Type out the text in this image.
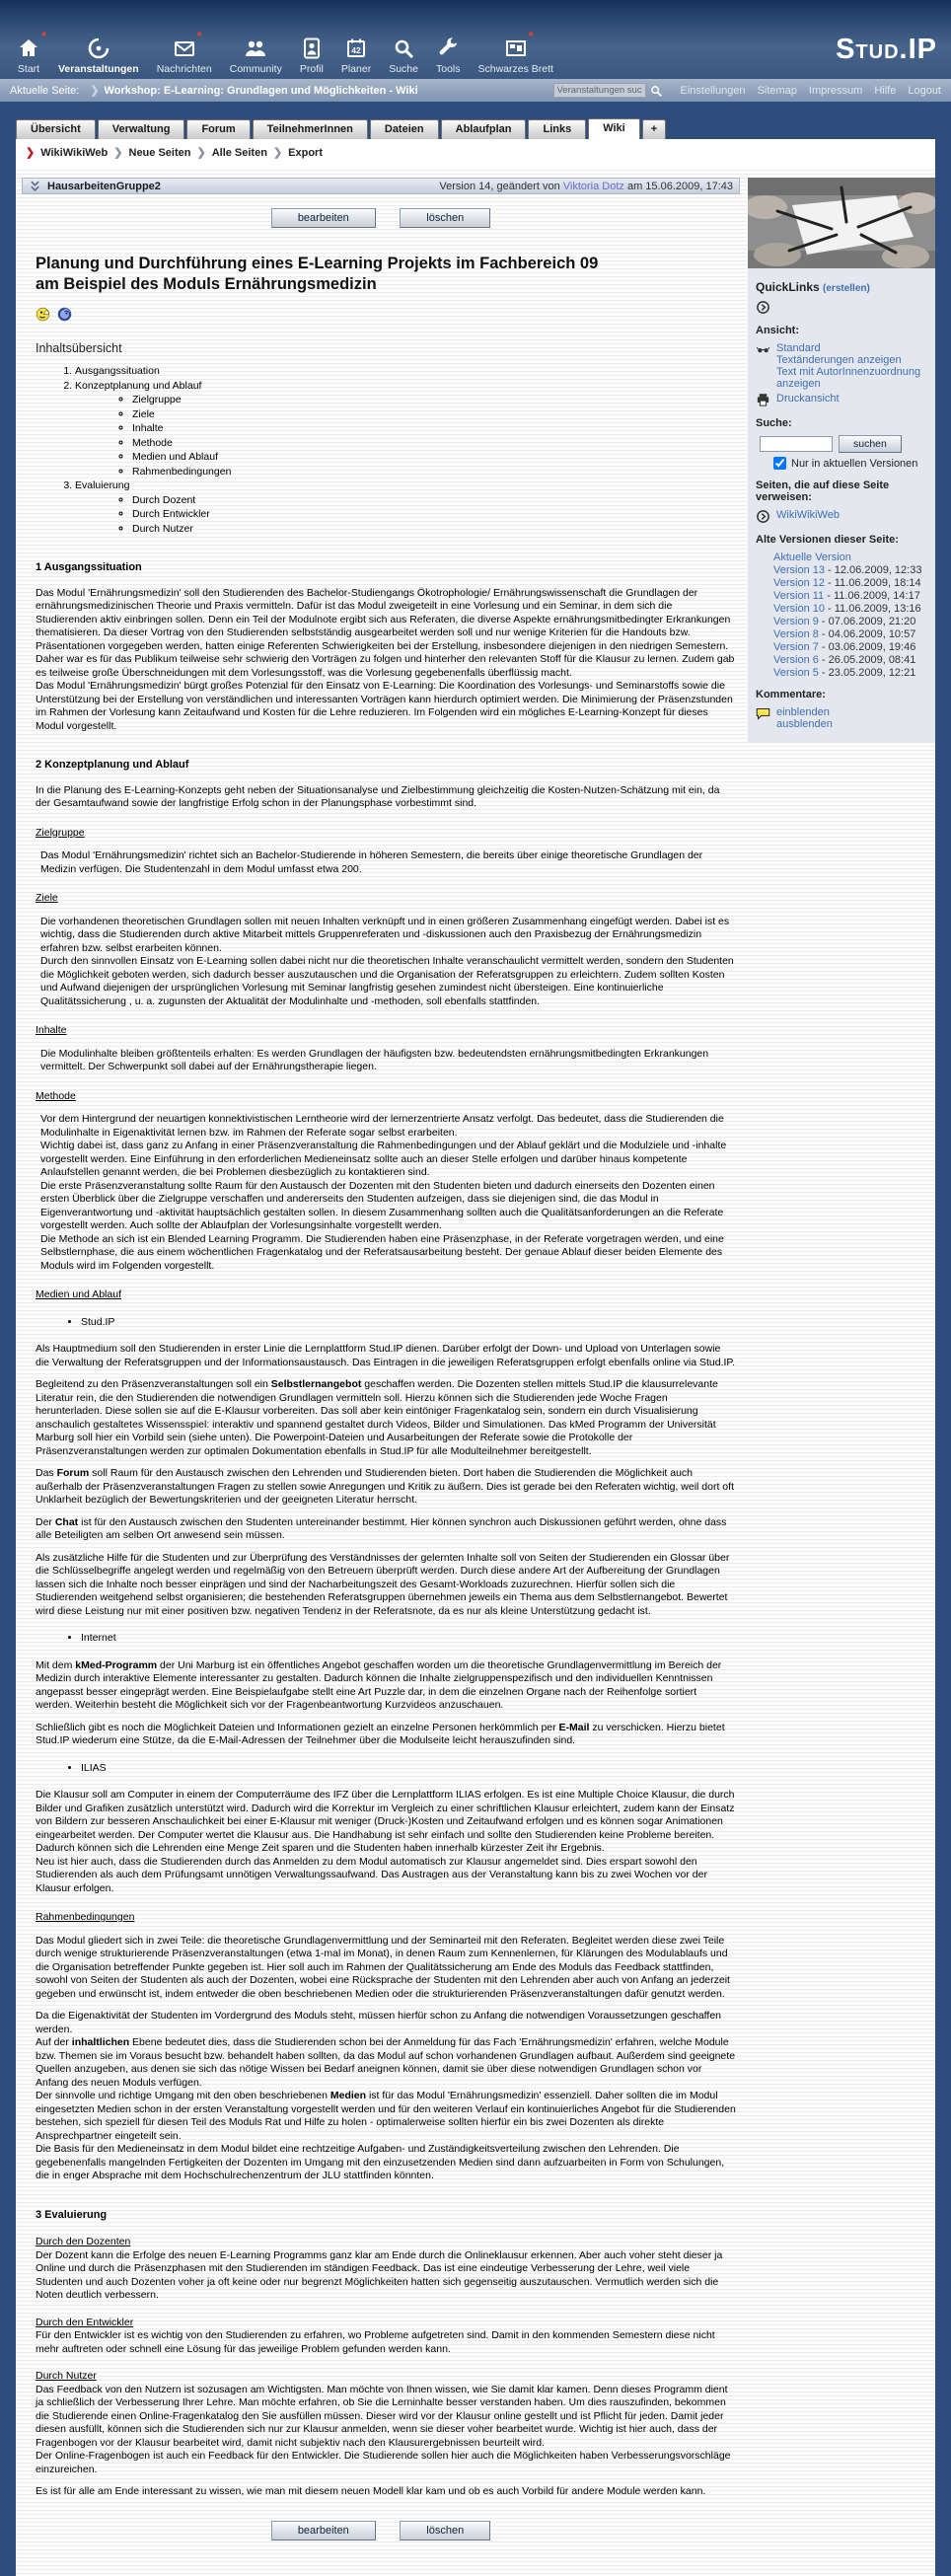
*
Start Veranstaltungen
*
Nachrichten Community Profil
42
Planer Suche Tools
*
Schwarzes Brett
Stud.IP
Aktuelle Seite: ❯ Workshop: E-Learning: Grundlagen und Möglichkeiten - Wiki
Veranstaltungen suchen	Einstellungen Sitemap Impressum Hilfe Logout
Übersicht	Verwaltung	Forum	TeilnehmerInnen	Dateien	Ablaufplan	Links	Wiki	+
❯ WikiWikiWeb ❯ Neue Seiten ❯ Alle Seiten ❯ Export
HausarbeitenGruppe2	Version 14, geändert von Viktoria Dotz am 15.06.2009, 17:43
bearbeiten	löschen
Planung und Durchführung eines E-Learning Projekts im Fachbereich 09
am Beispiel des Moduls Ernährungsmedizin

Inhaltsübersicht
1. Ausgangssituation
2. Konzeptplanung und Ablauf
◦ Zielgruppe
◦ Ziele
◦ Inhalte
◦ Methode
◦ Medien und Ablauf
◦ Rahmenbedingungen
3. Evaluierung
◦ Durch Dozent
◦ Durch Entwickler
◦ Durch Nutzer
1 Ausgangssituation
Das Modul 'Ernährungsmedizin' soll den Studierenden des Bachelor-Studiengangs Ökotrophologie/ Ernährungswissenschaft die Grundlagen der ernährungsmedizinischen Theorie und Praxis vermitteln. Dafür ist das Modul zweigeteilt in eine Vorlesung und ein Seminar, in dem sich die Studierenden aktiv einbringen sollen. Denn ein Teil der Modulnote ergibt sich aus Referaten, die diverse Aspekte ernährungsmitbedingter Erkrankungen thematisieren. Da dieser Vortrag von den Studierenden selbstständig ausgearbeitet werden soll und nur wenige Kriterien für die Handouts bzw. Präsentationen vorgegeben werden, hatten einige Referenten Schwierigkeiten bei der Erstellung, insbesondere diejenigen in den niedrigen Semestern. Daher war es für das Publikum teilweise sehr schwierig den Vorträgen zu folgen und hinterher den relevanten Stoff für die Klausur zu lernen. Zudem gab es teilweise große Überschneidungen mit dem Vorlesungsstoff, was die Vorlesung gegebenenfalls überflüssig macht.
Das Modul 'Ernährungsmedizin' bürgt großes Potenzial für den Einsatz von E-Learning: Die Koordination des Vorlesungs- und Seminarstoffs sowie die Unterstützung bei der Erstellung von verständlichen und interessanten Vorträgen kann hierdurch optimiert werden. Die Minimierung der Präsenzstunden im Rahmen der Vorlesung kann Zeitaufwand und Kosten für die Lehre reduzieren. Im Folgenden wird ein mögliches E-Learning-Konzept für dieses Modul vorgestellt.
2 Konzeptplanung und Ablauf
In die Planung des E-Learning-Konzepts geht neben der Situationsanalyse und Zielbestimmung gleichzeitig die Kosten-Nutzen-Schätzung mit ein, da der Gesamtaufwand sowie der langfristige Erfolg schon in der Planungsphase vorbestimmt sind.
Zielgruppe
Das Modul 'Ernährungsmedizin' richtet sich an Bachelor-Studierende in höheren Semestern, die bereits über einige theoretische Grundlagen der Medizin verfügen. Die Studentenzahl in dem Modul umfasst etwa 200.
Ziele
Die vorhandenen theoretischen Grundlagen sollen mit neuen Inhalten verknüpft und in einen größeren Zusammenhang eingefügt werden. Dabei ist es wichtig, dass die Studierenden durch aktive Mitarbeit mittels Gruppenreferaten und -diskussionen auch den Praxisbezug der Ernährungsmedizin erfahren bzw. selbst erarbeiten können.
Durch den sinnvollen Einsatz von E-Learning sollen dabei nicht nur die theoretischen Inhalte veranschaulicht vermittelt werden, sondern den Studenten die Möglichkeit geboten werden, sich dadurch besser auszutauschen und die Organisation der Referatsgruppen zu erleichtern. Zudem sollten Kosten und Aufwand diejenigen der ursprünglichen Vorlesung mit Seminar langfristig gesehen zumindest nicht übersteigen. Eine kontinuierliche Qualitätssicherung , u. a. zugunsten der Aktualität der Modulinhalte und -methoden, soll ebenfalls stattfinden.
Inhalte
Die Modulinhalte bleiben größtenteils erhalten: Es werden Grundlagen der häufigsten bzw. bedeutendsten ernährungsmitbedingten Erkrankungen vermittelt. Der Schwerpunkt soll dabei auf der Ernährungstherapie liegen.
Methode
Vor dem Hintergrund der neuartigen konnektivistischen Lerntheorie wird der lernerzentrierte Ansatz verfolgt. Das bedeutet, dass die Studierenden die Modulinhalte in Eigenaktivität lernen bzw. im Rahmen der Referate sogar selbst erarbeiten.
Wichtig dabei ist, dass ganz zu Anfang in einer Präsenzveranstaltung die Rahmenbedingungen und der Ablauf geklärt und die Modulziele und -inhalte vorgestellt werden. Eine Einführung in den erforderlichen Medieneinsatz sollte auch an dieser Stelle erfolgen und darüber hinaus kompetente Anlaufstellen genannt werden, die bei Problemen diesbezüglich zu kontaktieren sind.
Die erste Präsenzveranstaltung sollte Raum für den Austausch der Dozenten mit den Studenten bieten und dadurch einerseits den Dozenten einen ersten Überblick über die Zielgruppe verschaffen und andererseits den Studenten aufzeigen, dass sie diejenigen sind, die das Modul in Eigenverantwortung und -aktivität hauptsächlich gestalten sollen. In diesem Zusammenhang sollten auch die Qualitätsanforderungen an die Referate vorgestellt werden. Auch sollte der Ablaufplan der Vorlesungsinhalte vorgestellt werden.
Die Methode an sich ist ein Blended Learning Programm. Die Studierenden haben eine Präsenzphase, in der Referate vorgetragen werden, und eine Selbstlernphase, die aus einem wöchentlichen Fragenkatalog und der Referatsausarbeitung besteht. Der genaue Ablauf dieser beiden Elemente des Moduls wird im Folgenden vorgestellt.
Medien und Ablauf
• Stud.IP
Als Hauptmedium soll den Studierenden in erster Linie die Lernplattform Stud.IP dienen. Darüber erfolgt der Down- und Upload von Unterlagen sowie die Verwaltung der Referatsgruppen und der Informationsaustausch. Das Eintragen in die jeweiligen Referatsgruppen erfolgt ebenfalls online via Stud.IP.
Begleitend zu den Präsenzveranstaltungen soll ein Selbstlernangebot geschaffen werden. Die Dozenten stellen mittels Stud.IP die klausurrelevante Literatur rein, die den Studierenden die notwendigen Grundlagen vermitteln soll. Hierzu können sich die Studierenden jede Woche Fragen herunterladen. Diese sollen sie auf die E-Klausur vorbereiten. Das soll aber kein eintöniger Fragenkatalog sein, sondern ein durch Visualisierung anschaulich gestaltetes Wissensspiel: interaktiv und spannend gestaltet durch Videos, Bilder und Simulationen. Das kMed Programm der Universität Marburg soll hier ein Vorbild sein (siehe unten). Die Powerpoint-Dateien und Ausarbeitungen der Referate sowie die Protokolle der Präsenzveranstaltungen werden zur optimalen Dokumentation ebenfalls in Stud.IP für alle Modulteilnehmer bereitgestellt.
Das Forum soll Raum für den Austausch zwischen den Lehrenden und Studierenden bieten. Dort haben die Studierenden die Möglichkeit auch außerhalb der Präsenzveranstaltungen Fragen zu stellen sowie Anregungen und Kritik zu äußern. Dies ist gerade bei den Referaten wichtig, weil dort oft Unklarheit bezüglich der Bewertungskriterien und der geeigneten Literatur herrscht.
Der Chat ist für den Austausch zwischen den Studenten untereinander bestimmt. Hier können synchron auch Diskussionen geführt werden, ohne dass alle Beteiligten am selben Ort anwesend sein müssen.
Als zusätzliche Hilfe für die Studenten und zur Überprüfung des Verständnisses der gelernten Inhalte soll von Seiten der Studierenden ein Glossar über die Schlüsselbegriffe angelegt werden und regelmäßig von den Betreuern überprüft werden. Durch diese andere Art der Aufbereitung der Grundlagen lassen sich die Inhalte noch besser einprägen und sind der Nacharbeitungszeit des Gesamt-Workloads zuzurechnen. Hierfür sollen sich die Studierenden weitgehend selbst organisieren; die bestehenden Referatsgruppen übernehmen jeweils ein Thema aus dem Selbstlernangebot. Bewertet wird diese Leistung nur mit einer positiven bzw. negativen Tendenz in der Referatsnote, da es nur als kleine Unterstützung gedacht ist.
• Internet
Mit dem kMed-Programm der Uni Marburg ist ein öffentliches Angebot geschaffen worden um die theoretische Grundlagenvermittlung im Bereich der Medizin durch interaktive Elemente interessanter zu gestalten. Dadurch können die Inhalte zielgruppenspezifisch und den individuellen Kenntnissen angepasst besser eingeprägt werden. Eine Beispielaufgabe stellt eine Art Puzzle dar, in dem die einzelnen Organe nach der Reihenfolge sortiert werden. Weiterhin besteht die Möglichkeit sich vor der Fragenbeantwortung Kurzvideos anzuschauen.
Schließlich gibt es noch die Möglichkeit Dateien und Informationen gezielt an einzelne Personen herkömmlich per E-Mail zu verschicken. Hierzu bietet Stud.IP wiederum eine Stütze, da die E-Mail-Adressen der Teilnehmer über die Modulseite leicht herauszufinden sind.
• ILIAS
Die Klausur soll am Computer in einem der Computerräume des IFZ über die Lernplattform ILIAS erfolgen. Es ist eine Multiple Choice Klausur, die durch Bilder und Grafiken zusätzlich unterstützt wird. Dadurch wird die Korrektur im Vergleich zu einer schriftlichen Klausur erleichtert, zudem kann der Einsatz von Bildern zur besseren Anschaulichkeit bei einer E-Klausur mit weniger (Druck-)Kosten und Zeitaufwand erfolgen und es können sogar Animationen eingearbeitet werden. Der Computer wertet die Klausur aus. Die Handhabung ist sehr einfach und sollte den Studierenden keine Probleme bereiten. Dadurch können sich die Lehrenden eine Menge Zeit sparen und die Studenten haben innerhalb kürzester Zeit ihr Ergebnis.
Neu ist hier auch, dass die Studierenden durch das Anmelden zu dem Modul automatisch zur Klausur angemeldet sind. Dies erspart sowohl den Studierenden als auch dem Prüfungsamt unnötigen Verwaltungssaufwand. Das Austragen aus der Veranstaltung kann bis zu zwei Wochen vor der Klausur erfolgen.
Rahmenbedingungen
Das Modul gliedert sich in zwei Teile: die theoretische Grundlagenvermittlung und der Seminarteil mit den Referaten. Begleitet werden diese zwei Teile durch wenige strukturierende Präsenzveranstaltungen (etwa 1-mal im Monat), in denen Raum zum Kennenlernen, für Klärungen des Modulablaufs und die Organisation betreffender Punkte gegeben ist. Hier soll auch im Rahmen der Qualitätssicherung am Ende des Moduls das Feedback stattfinden, sowohl von Seiten der Studenten als auch der Dozenten, wobei eine Rücksprache der Studenten mit den Lehrenden aber auch von Anfang an jederzeit gegeben und erwünscht ist, indem entweder die oben beschriebenen Medien oder die strukturierenden Präsenzveranstaltungen dafür genutzt werden.
Da die Eigenaktivität der Studenten im Vordergrund des Moduls steht, müssen hierfür schon zu Anfang die notwendigen Voraussetzungen geschaffen werden.
Auf der inhaltlichen Ebene bedeutet dies, dass die Studierenden schon bei der Anmeldung für das Fach 'Ernährungsmedizin' erfahren, welche Module bzw. Themen sie im Voraus besucht bzw. behandelt haben sollten, da das Modul auf schon vorhandenen Grundlagen aufbaut. Außerdem sind geeignete Quellen anzugeben, aus denen sie sich das nötige Wissen bei Bedarf aneignen können, damit sie über diese notwendigen Grundlagen schon vor Anfang des neuen Moduls verfügen.
Der sinnvolle und richtige Umgang mit den oben beschriebenen Medien ist für das Modul 'Ernährungsmedizin' essenziell. Daher sollten die im Modul eingesetzten Medien schon in der ersten Veranstaltung vorgestellt werden und für den weiteren Verlauf ein kontinuierliches Angebot für die Studierenden bestehen, sich speziell für diesen Teil des Moduls Rat und Hilfe zu holen - optimalerweise sollten hierfür ein bis zwei Dozenten als direkte Ansprechpartner eingeteilt sein.
Die Basis für den Medieneinsatz in dem Modul bildet eine rechtzeitige Aufgaben- und Zuständigkeitsverteilung zwischen den Lehrenden. Die gegebenenfalls mangelnden Fertigkeiten der Dozenten im Umgang mit den einzusetzenden Medien sind dann aufzuarbeiten in Form von Schulungen, die in enger Absprache mit dem Hochschulrechenzentrum der JLU stattfinden könnten.
3 Evaluierung
Durch den Dozenten
Der Dozent kann die Erfolge des neuen E-Learning Programms ganz klar am Ende durch die Onlineklausur erkennen. Aber auch voher steht dieser ja Online und durch die Präsenzphasen mit den Studierenden im ständigen Feedback. Das ist eine eindeutige Verbesserung der Lehre, weil viele Studenten und auch Dozenten voher ja oft keine oder nur begrenzt Möglichkeiten hatten sich gegenseitig auszutauschen. Vermutlich werden sich die Noten deutlich verbessern.
Durch den Entwickler
Für den Entwickler ist es wichtig von den Studierenden zu erfahren, wo Probleme aufgetreten sind. Damit in den kommenden Semestern diese nicht mehr auftreten oder schnell eine Lösung für das jeweilige Problem gefunden werden kann.
Durch Nutzer
Das Feedback von den Nutzern ist sozusagen am Wichtigsten. Man möchte von Ihnen wissen, wie Sie damit klar kamen. Denn dieses Programm dient ja schließlich der Verbesserung Ihrer Lehre. Man möchte erfahren, ob Sie die Lerninhalte besser verstanden haben. Um dies rauszufinden, bekommen die Studierende einen Online-Fragenkatalog den Sie ausfüllen müssen. Dieser wird vor der Klausur online gestellt und ist Pflicht für jeden. Damit jeder diesen ausfüllt, können sich die Studierenden sich nur zur Klausur anmelden, wenn sie dieser voher bearbeitet wurde. Wichtig ist hier auch, dass der Fragenbogen vor der Klausur bearbeitet wird, damit nicht subjektiv nach den Klausurergebnissen beurteilt wird.
Der Online-Fragenbogen ist auch ein Feedback für den Entwickler. Die Studierende sollen hier auch die Möglichkeiten haben Verbesserungsvorschläge einzureichen.
Es ist für alle am Ende interessant zu wissen, wie man mit diesem neuen Modell klar kam und ob es auch Vorbild für andere Module werden kann.
bearbeiten	löschen
QuickLinks (erstellen)
Ansicht:
Standard
Textänderungen anzeigen
Text mit AutorInnenzuordnung anzeigen
Druckansicht
Suche:
suchen
Nur in aktuellen Versionen
Seiten, die auf diese Seite verweisen:
WikiWikiWeb
Alte Versionen dieser Seite:
Aktuelle Version
Version 13 - 12.06.2009, 12:33
Version 12 - 11.06.2009, 18:14
Version 11 - 11.06.2009, 14:17
Version 10 - 11.06.2009, 13:16
Version 9 - 07.06.2009, 21:20
Version 8 - 04.06.2009, 10:57
Version 7 - 03.06.2009, 19:46
Version 6 - 26.05.2009, 08:41
Version 5 - 23.05.2009, 12:21
Kommentare:
einblenden
ausblenden
